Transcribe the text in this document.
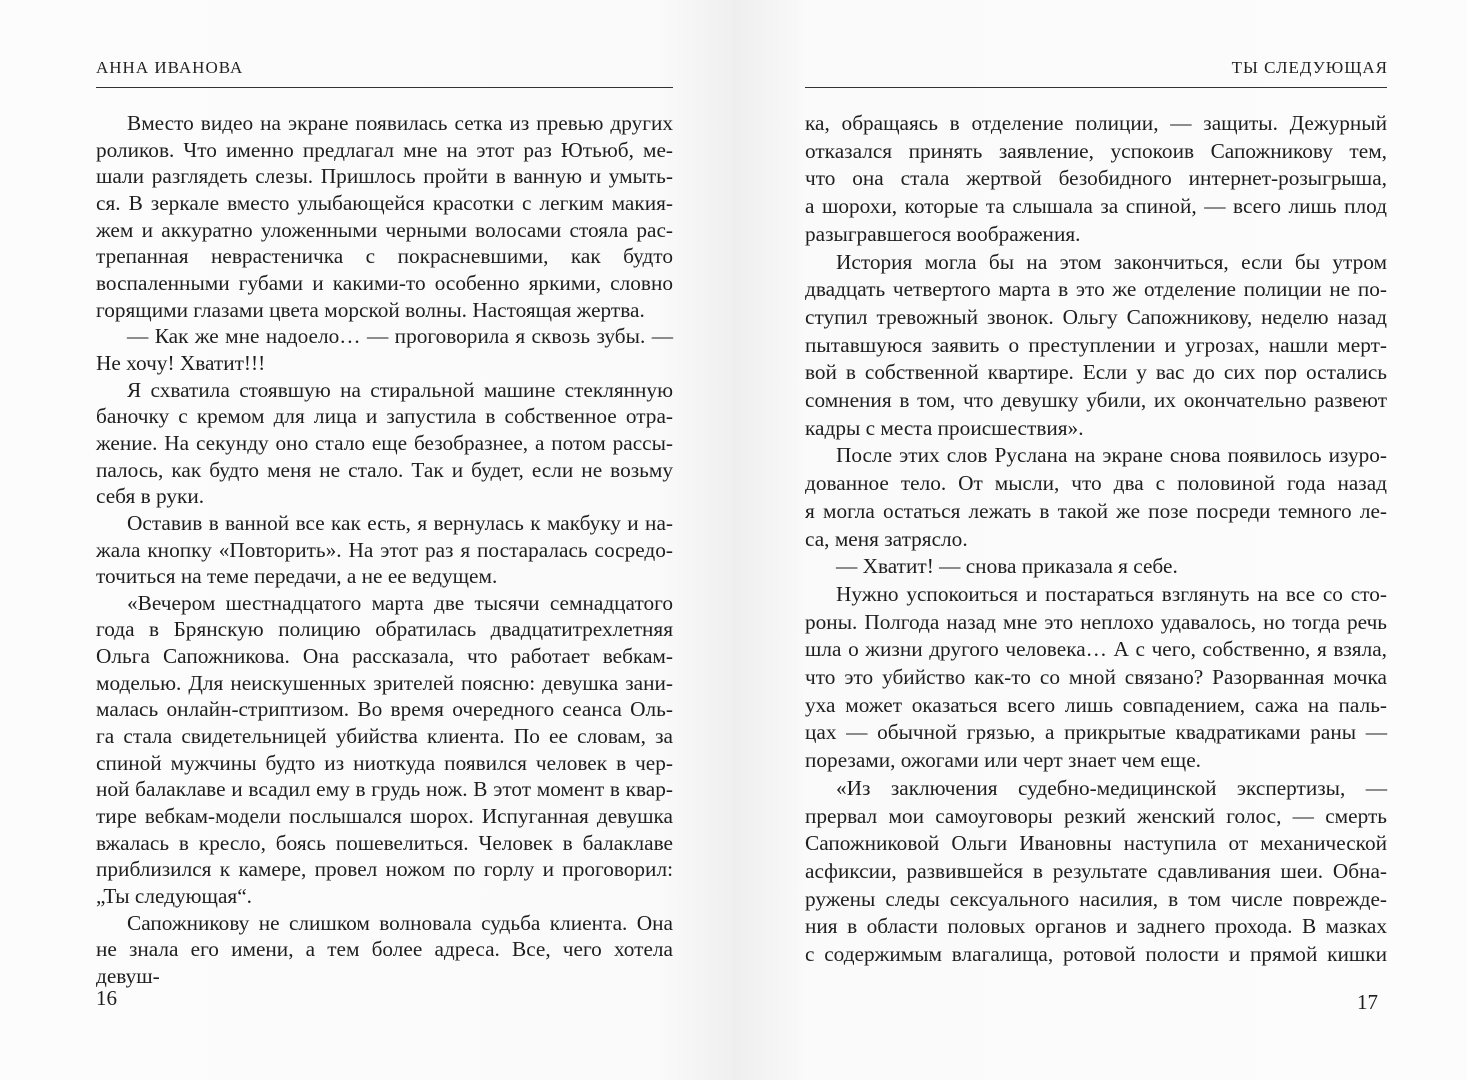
АННА ИВАНОВА
Вместо видео на экране появилась сетка из превью других
роликов. Что именно предлагал мне на этот раз Ютьюб, ме-
шали разглядеть слезы. Пришлось пройти в ванную и умыть-
ся. В зеркале вместо улыбающейся красотки с легким макия-
жем и аккуратно уложенными черными волосами стояла рас-
трепанная неврастеничка с покрасневшими, как будто
воспаленными губами и какими-то особенно яркими, словно
горящими глазами цвета морской волны. Настоящая жертва.
— Как же мне надоело… — проговорила я сквозь зубы. —
Не хочу! Хватит!!!
Я схватила стоявшую на стиральной машине стеклянную
баночку с кремом для лица и запустила в собственное отра-
жение. На секунду оно стало еще безобразнее, а потом рассы-
палось, как будто меня не стало. Так и будет, если не возьму
себя в руки.
Оставив в ванной все как есть, я вернулась к макбуку и на-
жала кнопку «Повторить». На этот раз я постаралась сосредо-
точиться на теме передачи, а не ее ведущем.
«Вечером шестнадцатого марта две тысячи семнадцатого
года в Брянскую полицию обратилась двадцатитрехлетняя
Ольга Сапожникова. Она рассказала, что работает вебкам-
моделью. Для неискушенных зрителей поясню: девушка зани-
малась онлайн-стриптизом. Во время очередного сеанса Оль-
га стала свидетельницей убийства клиента. По ее словам, за
спиной мужчины будто из ниоткуда появился человек в чер-
ной балаклаве и всадил ему в грудь нож. В этот момент в квар-
тире вебкам-модели послышался шорох. Испуганная девушка
вжалась в кресло, боясь пошевелиться. Человек в балаклаве
приблизился к камере, провел ножом по горлу и проговорил:
„Ты следующая“.
Сапожникову не слишком волновала судьба клиента. Она
не знала его имени, а тем более адреса. Все, чего хотела девуш-
16
ТЫ СЛЕДУЮЩАЯ
ка, обращаясь в отделение полиции, — защиты. Дежурный
отказался принять заявление, успокоив Сапожникову тем,
что она стала жертвой безобидного интернет-розыгрыша,
а шорохи, которые та слышала за спиной, — всего лишь плод
разыгравшегося воображения.
История могла бы на этом закончиться, если бы утром
двадцать четвертого марта в это же отделение полиции не по-
ступил тревожный звонок. Ольгу Сапожникову, неделю назад
пытавшуюся заявить о преступлении и угрозах, нашли мерт-
вой в собственной квартире. Если у вас до сих пор остались
сомнения в том, что девушку убили, их окончательно развеют
кадры с места происшествия».
После этих слов Руслана на экране снова появилось изуро-
дованное тело. От мысли, что два с половиной года назад
я могла остаться лежать в такой же позе посреди темного ле-
са, меня затрясло.
— Хватит! — снова приказала я себе.
Нужно успокоиться и постараться взглянуть на все со сто-
роны. Полгода назад мне это неплохо удавалось, но тогда речь
шла о жизни другого человека… А с чего, собственно, я взяла,
что это убийство как-то со мной связано? Разорванная мочка
уха может оказаться всего лишь совпадением, сажа на паль-
цах — обычной грязью, а прикрытые квадратиками раны —
порезами, ожогами или черт знает чем еще.
«Из заключения судебно-медицинской экспертизы, —
прервал мои самоуговоры резкий женский голос, — смерть
Сапожниковой Ольги Ивановны наступила от механической
асфиксии, развившейся в результате сдавливания шеи. Обна-
ружены следы сексуального насилия, в том числе поврежде-
ния в области половых органов и заднего прохода. В мазках
с содержимым влагалища, ротовой полости и прямой кишки
17
